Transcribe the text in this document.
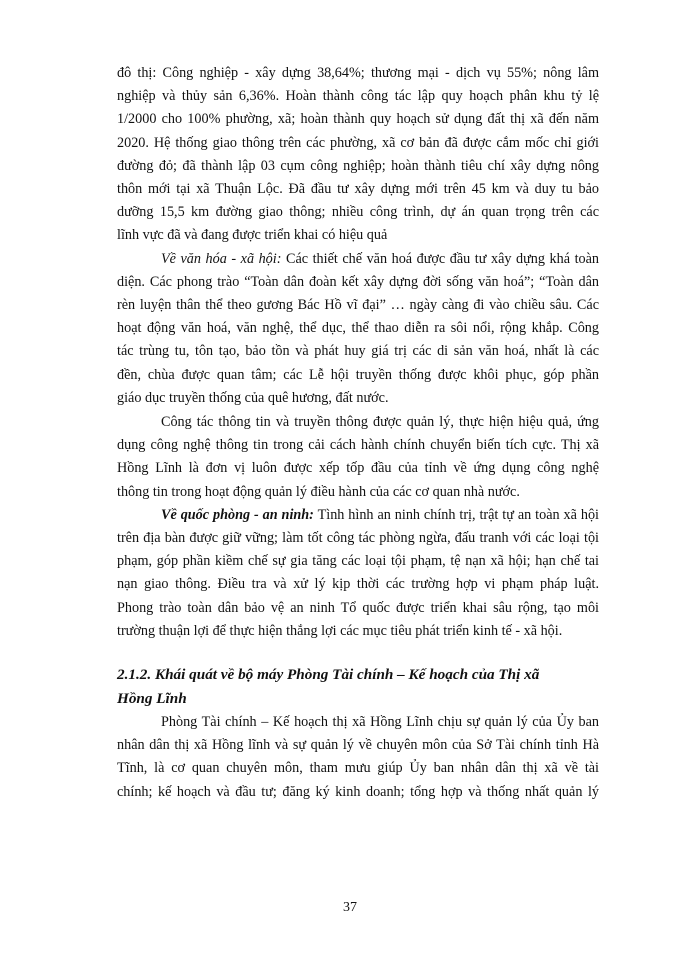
đô thị: Công nghiệp - xây dựng 38,64%; thương mại - dịch vụ 55%; nông lâm
nghiệp và thủy sản 6,36%. Hoàn thành công tác lập quy hoạch phân khu tỷ lệ
1/2000 cho 100% phường, xã; hoàn thành quy hoạch sử dụng đất thị xã đến năm
2020. Hệ thống giao thông trên các phường, xã cơ bản đã được cắm mốc chỉ giới
đường đỏ; đã thành lập 03 cụm công nghiệp; hoàn thành tiêu chí xây dựng nông
thôn mới tại xã Thuận Lộc. Đã đầu tư xây dựng mới trên 45 km và duy tu bảo
dưỡng 15,5 km đường giao thông; nhiều công trình, dự án quan trọng trên các
lĩnh vực đã và đang được triển khai có hiệu quả
Về văn hóa - xã hội: Các thiết chế văn hoá được đầu tư xây dựng khá toàn
diện. Các phong trào “Toàn dân đoàn kết xây dựng đời sống văn hoá”; “Toàn dân
rèn luyện thân thể theo gương Bác Hồ vĩ đại” … ngày càng đi vào chiều sâu. Các
hoạt động văn hoá, văn nghệ, thể dục, thể thao diễn ra sôi nổi, rộng khắp. Công
tác trùng tu, tôn tạo, bảo tồn và phát huy giá trị các di sản văn hoá, nhất là các
đền, chùa được quan tâm; các Lễ hội truyền thống được khôi phục, góp phần
giáo dục truyền thống của quê hương, đất nước.
Công tác thông tin và truyền thông được quản lý, thực hiện hiệu quả, ứng
dụng công nghệ thông tin trong cải cách hành chính chuyển biến tích cực. Thị xã
Hồng Lĩnh là đơn vị luôn được xếp tốp đầu của tỉnh về ứng dụng công nghệ
thông tin trong hoạt động quản lý điều hành của các cơ quan nhà nước.
Về quốc phòng - an ninh: Tình hình an ninh chính trị, trật tự an toàn xã hội
trên địa bàn được giữ vững; làm tốt công tác phòng ngừa, đấu tranh với các loại tội
phạm, góp phần kiềm chế sự gia tăng các loại tội phạm, tệ nạn xã hội; hạn chế tai
nạn giao thông. Điều tra và xử lý kịp thời các trường hợp vi phạm pháp luật.
Phong trào toàn dân bảo vệ an ninh Tổ quốc được triển khai sâu rộng, tạo môi
trường thuận lợi để thực hiện thắng lợi các mục tiêu phát triển kinh tế - xã hội.
2.1.2. Khái quát về bộ máy Phòng Tài chính – Kế hoạch của Thị xã
Hồng Lĩnh
Phòng Tài chính – Kế hoạch thị xã Hồng Lĩnh chịu sự quản lý của Ủy ban
nhân dân thị xã Hồng lĩnh và sự quản lý về chuyên môn của Sở Tài chính tỉnh Hà
Tĩnh, là cơ quan chuyên môn, tham mưu giúp Ủy ban nhân dân thị xã về tài
chính; kế hoạch và đầu tư; đăng ký kinh doanh; tổng hợp và thống nhất quản lý
37
